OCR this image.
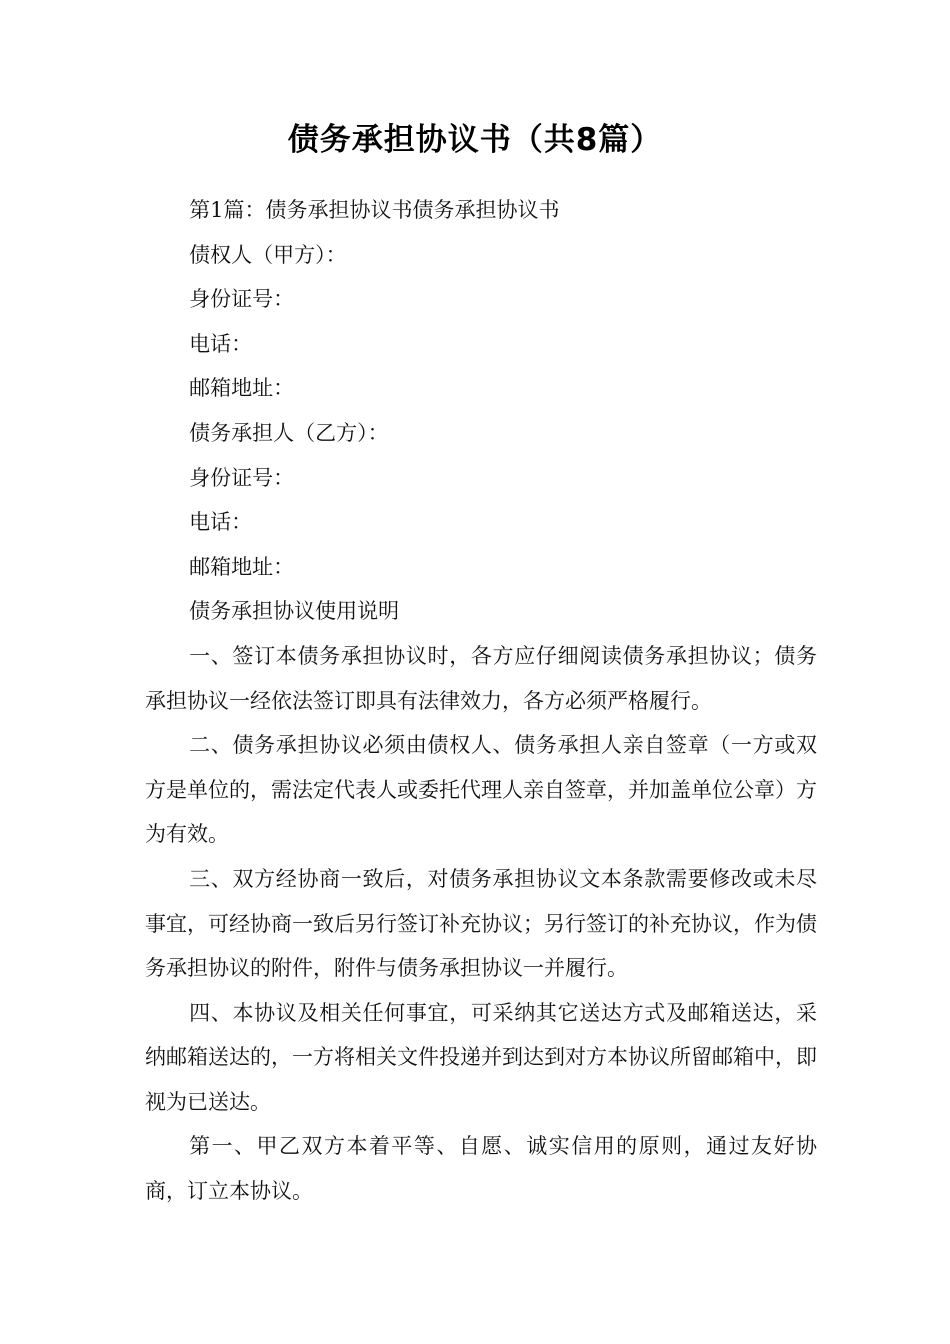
债务承担协议书（共8篇）

第1篇：债务承担协议书债务承担协议书

债权人（甲方）：

身份证号：

电话：

邮箱地址：

债务承担人（乙方）：

身份证号：

电话：

邮箱地址：

债务承担协议使用说明

一、签订本债务承担协议时，各方应仔细阅读债务承担协议；债务承担协议一经依法签订即具有法律效力，各方必须严格履行。

二、债务承担协议必须由债权人、债务承担人亲自签章（一方或双方是单位的，需法定代表人或委托代理人亲自签章，并加盖单位公章）方为有效。

三、双方经协商一致后，对债务承担协议文本条款需要修改或未尽事宜，可经协商一致后另行签订补充协议；另行签订的补充协议，作为债务承担协议的附件，附件与债务承担协议一并履行。

四、本协议及相关任何事宜，可采纳其它送达方式及邮箱送达，采纳邮箱送达的，一方将相关文件投递并到达到对方本协议所留邮箱中，即视为已送达。

第一、甲乙双方本着平等、自愿、诚实信用的原则，通过友好协商，订立本协议。
